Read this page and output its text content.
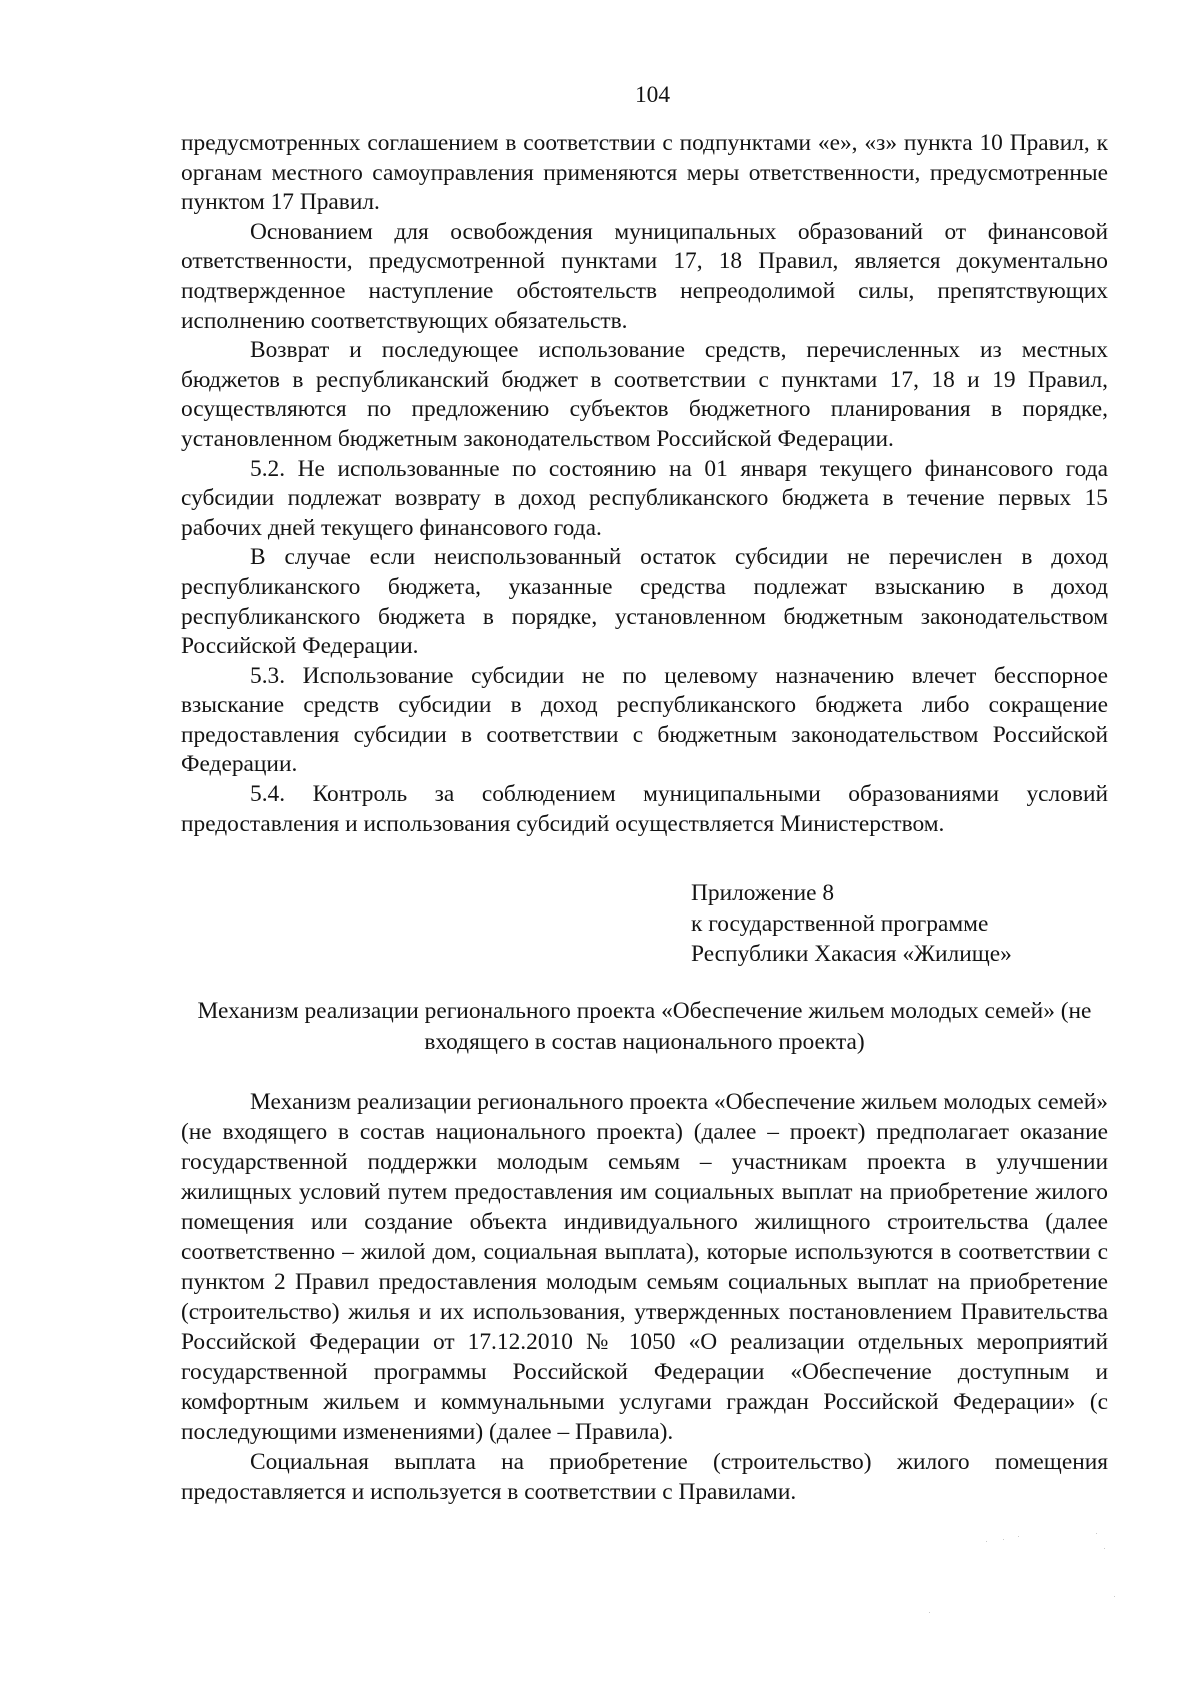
104

предусмотренных соглашением в соответствии с подпунктами «е», «з» пункта 10 Правил, к органам местного самоуправления применяются меры ответственности, предусмотренные пунктом 17 Правил.

Основанием для освобождения муниципальных образований от финансовой ответственности, предусмотренной пунктами 17, 18 Правил, является документально подтвержденное наступление обстоятельств непреодолимой силы, препятствующих исполнению соответствующих обязательств.

Возврат и последующее использование средств, перечисленных из местных бюджетов в республиканский бюджет в соответствии с пунктами 17, 18 и 19 Правил, осуществляются по предложению субъектов бюджетного планирования в порядке, установленном бюджетным законодательством Российской Федерации.

5.2. Не использованные по состоянию на 01 января текущего финансового года субсидии подлежат возврату в доход республиканского бюджета в течение первых 15 рабочих дней текущего финансового года.

В случае если неиспользованный остаток субсидии не перечислен в доход республиканского бюджета, указанные средства подлежат взысканию в доход республиканского бюджета в порядке, установленном бюджетным законодательством Российской Федерации.

5.3. Использование субсидии не по целевому назначению влечет бесспорное взыскание средств субсидии в доход республиканского бюджета либо сокращение предоставления субсидии в соответствии с бюджетным законодательством Российской Федерации.

5.4. Контроль за соблюдением муниципальными образованиями условий предоставления и использования субсидий осуществляется Министерством.

Приложение 8
к государственной программе
Республики Хакасия «Жилище»
Механизм реализации регионального проекта «Обеспечение жильем молодых семей» (не входящего в состав национального проекта)

Механизм реализации регионального проекта «Обеспечение жильем молодых семей» (не входящего в состав национального проекта) (далее – проект) предполагает оказание государственной поддержки молодым семьям – участникам проекта в улучшении жилищных условий путем предоставления им социальных выплат на приобретение жилого помещения или создание объекта индивидуального жилищного строительства (далее соответственно – жилой дом, социальная выплата), которые используются в соответствии с пунктом 2 Правил предоставления молодым семьям социальных выплат на приобретение (строительство) жилья и их использования, утвержденных постановлением Правительства Российской Федерации от 17.12.2010 № 1050 «О реализации отдельных мероприятий государственной программы Российской Федерации «Обеспечение доступным и комфортным жильем и коммунальными услугами граждан Российской Федерации» (с последующими изменениями) (далее – Правила).

Социальная выплата на приобретение (строительство) жилого помещения предоставляется и используется в соответствии с Правилами.
